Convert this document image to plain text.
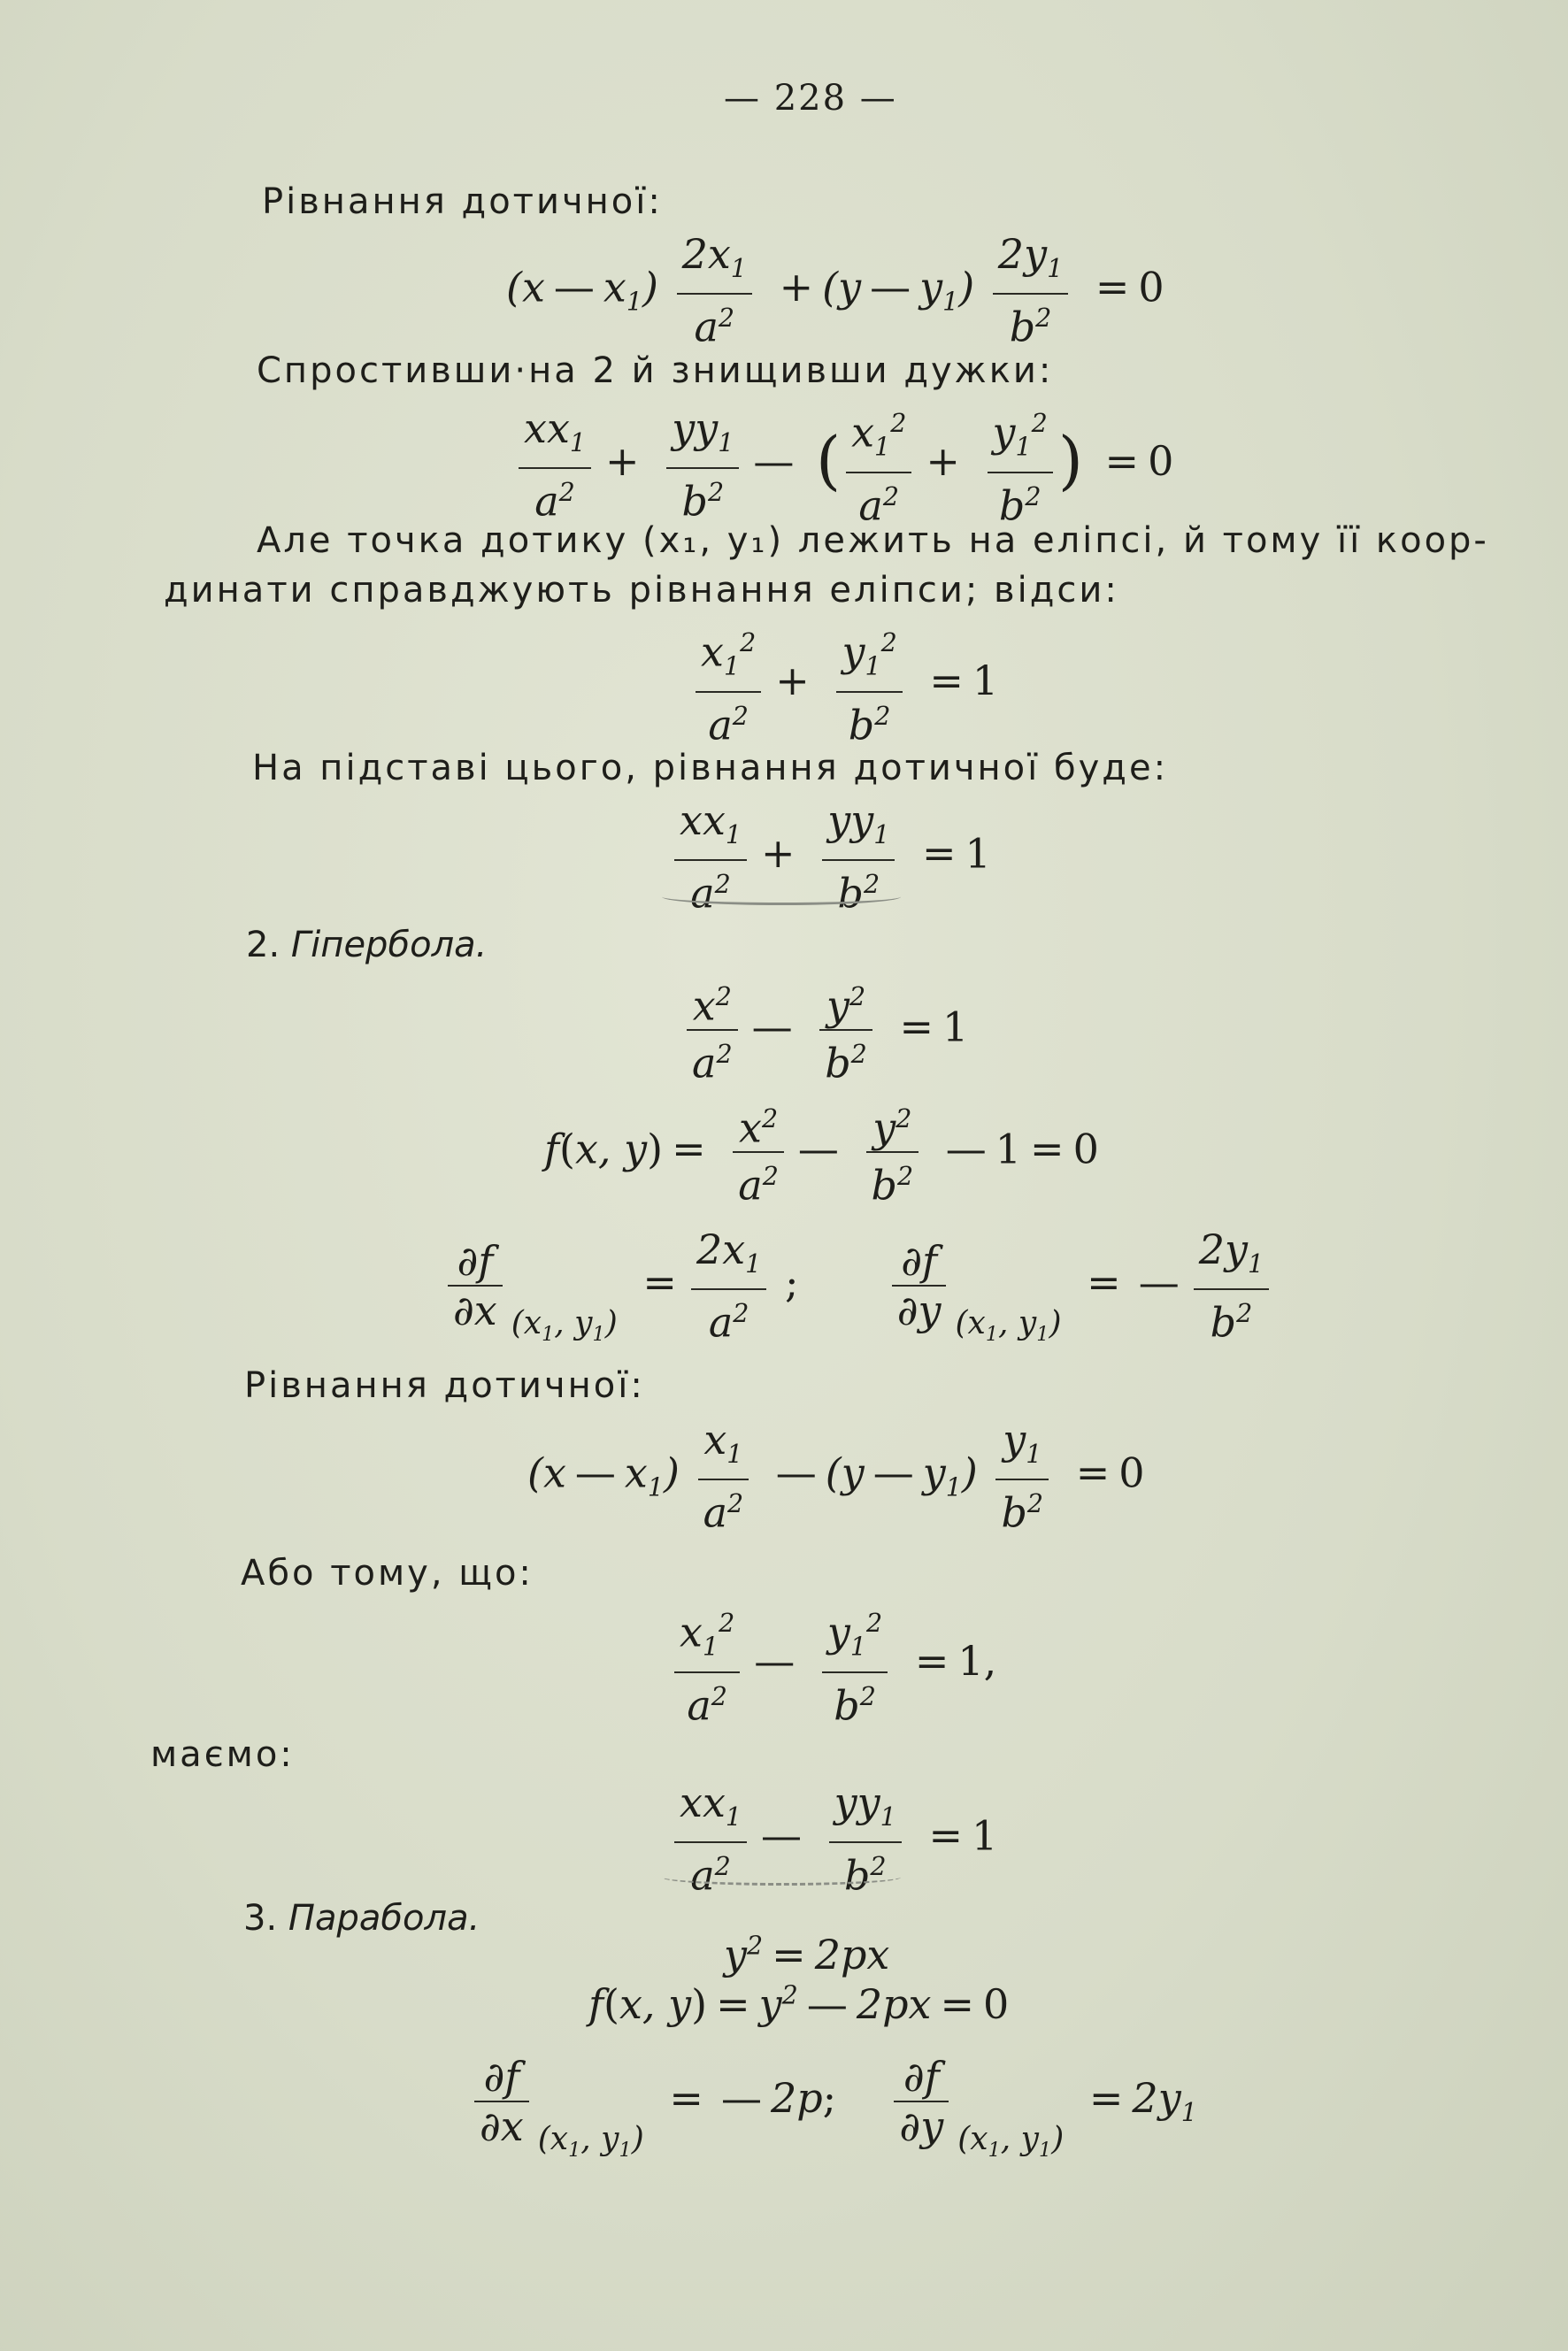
— 228 —
Рівнання дотичної:
(x — $x_1) \frac{2x_1}{a^2} + (y$ — $y_1) \frac{2y_1}{b^2} = 0$
Спростивши·на 2 й знищивши дужки:
$\frac{xx_1}{a^2} + \frac{yy_1}{b^2}$ — ( $\frac{x_1^2}{a^2} + \frac{y_1^2}{b^2}$ ) = 0
Але точка дотику (x₁, y₁) лежить на еліпсі, й тому її коор-
динати справджують рівнання еліпси; відси:
$\frac{x_1^2}{a^2} + \frac{y_1^2}{b^2} = 1$
На підставі цього, рівнання дотичної буде:
$\frac{xx_1}{a^2} + \frac{yy_1}{b^2} = 1$
2. Гіпербола.
$\frac{x^2}{a^2}$ — $\frac{y^2}{b^2} = 1$
f(x, $y) = \frac{x^2}{a^2}$ — $\frac{y^2}{b^2}$ — 1 = 0
$\frac{\partial f}{\partial x} (x_1$, $y_1) = \frac{2x_1}{a^2}$ ; $\frac{\partial f}{\partial y} (x_1$, $y_1$) = — $\frac{2y_1}{b^2}$
Рівнання дотичної:
(x — $x_1) \frac{x_1}{a^2}$ — (y — $y_1) \frac{y_1}{b^2} = 0$
Або тому, що:
$\frac{x_1^2}{a^2}$ — $\frac{y_1^2}{b^2} = 1$,
маємо:
$\frac{xx_1}{a^2}$ — $\frac{yy_1}{b^2} = 1$
3. Парабола.
$y^2 = 2px$
f(x, $y) = y^2$ — 2px = 0
$\frac{\partial f}{\partial x} (x_1$, $y_1$) = — 2p; $\frac{\partial f}{\partial y} (x_1$, $y_1) = 2y_1$
